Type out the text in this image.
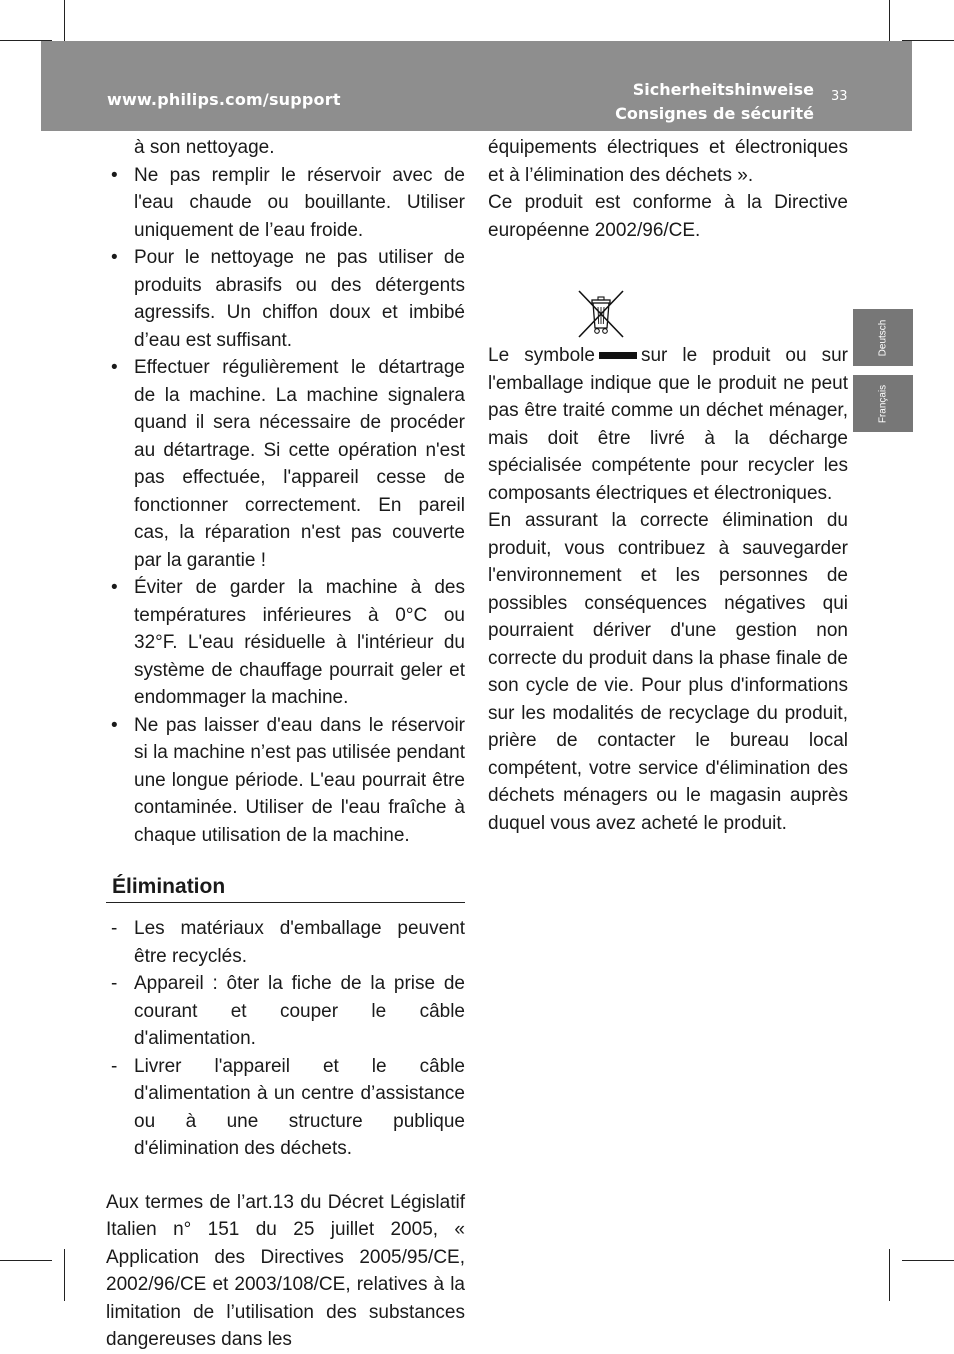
www.philips.com/support
Sicherheitshinweise
Consignes de sécurité
33
Deutsch
Français

à son nettoyage.

• Ne pas remplir le réservoir avec de l'eau chaude ou bouillante. Utiliser uniquement de l’eau froide.
• Pour le nettoyage ne pas utiliser de produits abrasifs ou des détergents agressifs. Un chiffon doux et imbibé d’eau est suffisant.
• Effectuer régulièrement le détartrage de la machine. La machine signalera quand il sera nécessaire de procéder au détartrage. Si cette opération n'est pas effectuée, l'appareil cesse de fonctionner correctement. En pareil cas, la réparation n'est pas couverte par la garantie !
• Éviter de garder la machine à des températures inférieures à 0°C ou 32°F. L'eau résiduelle à l'intérieur du système de chauffage pourrait geler et endommager la machine.
• Ne pas laisser d'eau dans le réservoir si la machine n’est pas utilisée pendant une longue période. L'eau pourrait être contaminée. Utiliser de l'eau fraîche à chaque utilisation de la machine.
Élimination
- Les matériaux d'emballage peuvent être recyclés.
- Appareil : ôter la fiche de la prise de courant et couper le câble d'alimentation.
- Livrer l'appareil et le câble d'alimentation à un centre d’assistance ou à une structure publique d'élimination des déchets.

Aux termes de l’art.13 du Décret Législatif Italien n° 151 du 25 juillet 2005, « Application des Directives 2005/95/CE, 2002/96/CE et 2003/108/CE, relatives à la limitation de l’utilisation des substances dangereuses dans les

équipements électriques et électroniques et à l’élimination des déchets ».

Ce produit est conforme à la Directive européenne 2002/96/CE.

Le symbole sur le produit ou sur l'emballage indique que le produit ne peut pas être traité comme un déchet ménager, mais doit être livré à la décharge spécialisée compétente pour recycler les composants électriques et électroniques.

En assurant la correcte élimination du produit, vous contribuez à sauvegarder l'environnement et les personnes de possibles conséquences négatives qui pourraient dériver d'une gestion non correcte du produit dans la phase finale de son cycle de vie. Pour plus d'informations sur les modalités de recyclage du produit, prière de contacter le bureau local compétent, votre service d'élimination des déchets ménagers ou le magasin auprès duquel vous avez acheté le produit.
